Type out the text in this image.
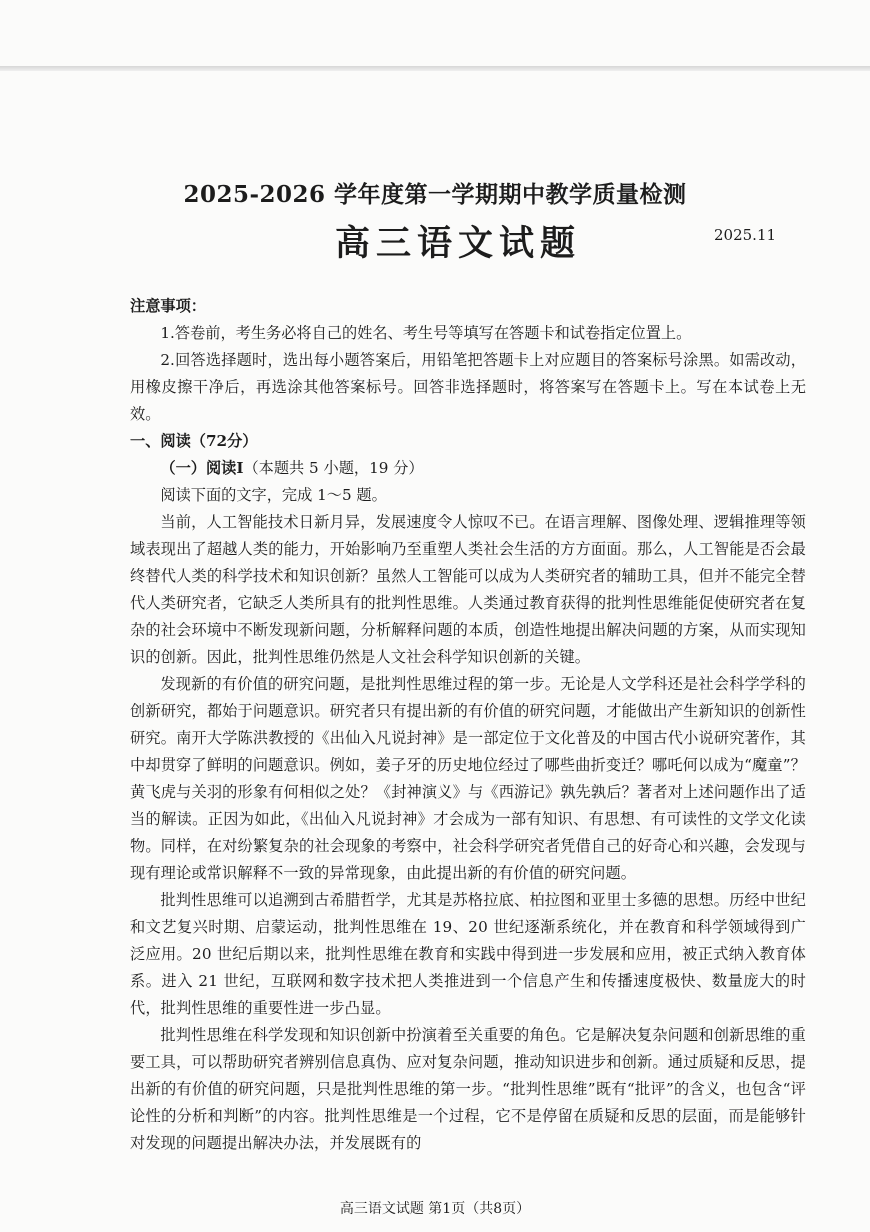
2025-2026 学年度第一学期期中教学质量检测
高三语文试题	2025.11

注意事项：

1.答卷前，考生务必将自己的姓名、考生号等填写在答题卡和试卷指定位置上。

2.回答选择题时，选出每小题答案后，用铅笔把答题卡上对应题目的答案标号涂黑。如需改动，用橡皮擦干净后，再选涂其他答案标号。回答非选择题时，将答案写在答题卡上。写在本试卷上无效。

一、阅读（72分）

（一）阅读Ⅰ（本题共 5 小题，19 分）

阅读下面的文字，完成 1～5 题。

当前，人工智能技术日新月异，发展速度令人惊叹不已。在语言理解、图像处理、逻辑推理等领域表现出了超越人类的能力，开始影响乃至重塑人类社会生活的方方面面。那么，人工智能是否会最终替代人类的科学技术和知识创新？虽然人工智能可以成为人类研究者的辅助工具，但并不能完全替代人类研究者，它缺乏人类所具有的批判性思维。人类通过教育获得的批判性思维能促使研究者在复杂的社会环境中不断发现新问题，分析解释问题的本质，创造性地提出解决问题的方案，从而实现知识的创新。因此，批判性思维仍然是人文社会科学知识创新的关键。

发现新的有价值的研究问题，是批判性思维过程的第一步。无论是人文学科还是社会科学学科的创新研究，都始于问题意识。研究者只有提出新的有价值的研究问题，才能做出产生新知识的创新性研究。南开大学陈洪教授的《出仙入凡说封神》是一部定位于文化普及的中国古代小说研究著作，其中却贯穿了鲜明的问题意识。例如，姜子牙的历史地位经过了哪些曲折变迁？哪吒何以成为“魔童”？黄飞虎与关羽的形象有何相似之处？《封神演义》与《西游记》孰先孰后？著者对上述问题作出了适当的解读。正因为如此，《出仙入凡说封神》才会成为一部有知识、有思想、有可读性的文学文化读物。同样，在对纷繁复杂的社会现象的考察中，社会科学研究者凭借自己的好奇心和兴趣，会发现与现有理论或常识解释不一致的异常现象，由此提出新的有价值的研究问题。

批判性思维可以追溯到古希腊哲学，尤其是苏格拉底、柏拉图和亚里士多德的思想。历经中世纪和文艺复兴时期、启蒙运动，批判性思维在 19、20 世纪逐渐系统化，并在教育和科学领域得到广泛应用。20 世纪后期以来，批判性思维在教育和实践中得到进一步发展和应用，被正式纳入教育体系。进入 21 世纪，互联网和数字技术把人类推进到一个信息产生和传播速度极快、数量庞大的时代，批判性思维的重要性进一步凸显。

批判性思维在科学发现和知识创新中扮演着至关重要的角色。它是解决复杂问题和创新思维的重要工具，可以帮助研究者辨别信息真伪、应对复杂问题，推动知识进步和创新。通过质疑和反思，提出新的有价值的研究问题，只是批判性思维的第一步。“批判性思维”既有“批评”的含义，也包含“评论性的分析和判断”的内容。批判性思维是一个过程，它不是停留在质疑和反思的层面，而是能够针对发现的问题提出解决办法，并发展既有的

高三语文试题 第1页（共8页）
